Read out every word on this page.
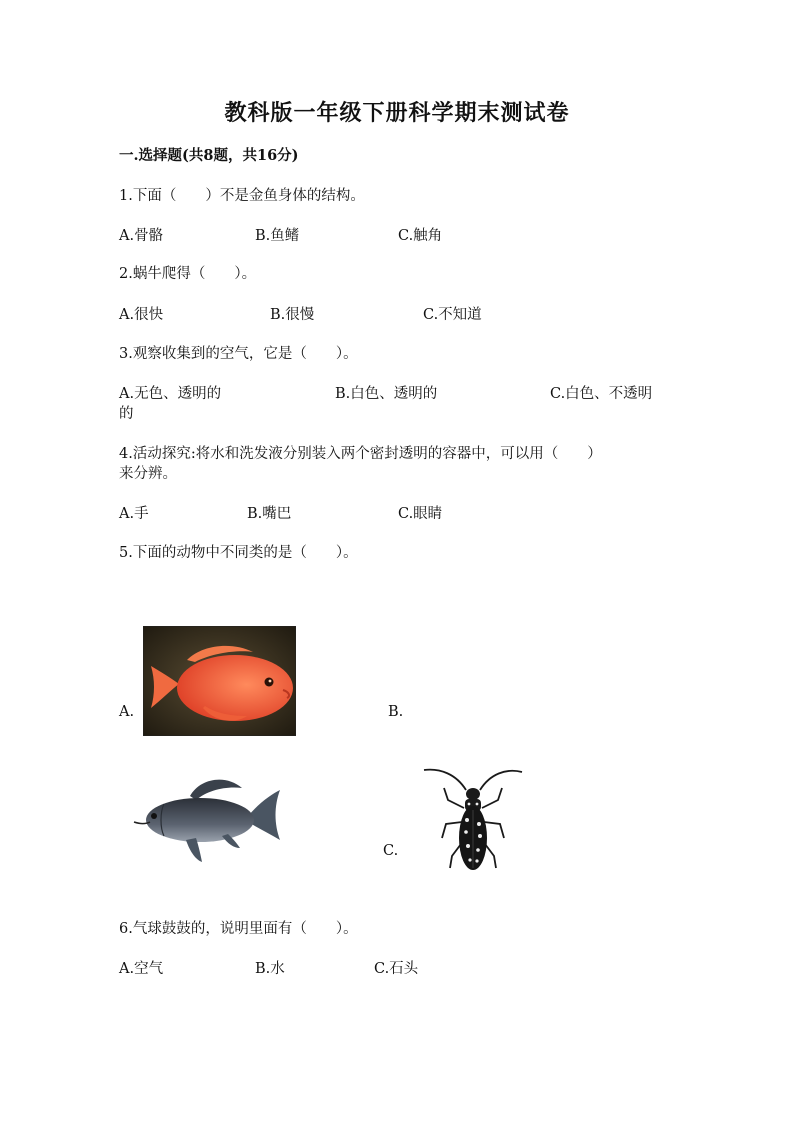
教科版一年级下册科学期末测试卷
一.选择题(共8题，共16分)
1.下面（　　）不是金鱼身体的结构。
A.骨骼	B.鱼鳍	C.触角
2.蜗牛爬得（　　）。
A.很快	B.很慢	C.不知道
3.观察收集到的空气，它是（　　）。
A.无色、透明的	B.白色、透明的	C.白色、不透明
的
4.活动探究:将水和洗发液分别装入两个密封透明的容器中，可以用（　　）
来分辨。
A.手	B.嘴巴	C.眼睛
5.下面的动物中不同类的是（　　）。
A.	B.
C.
6.气球鼓鼓的，说明里面有（　　）。
A.空气	B.水	C.石头
